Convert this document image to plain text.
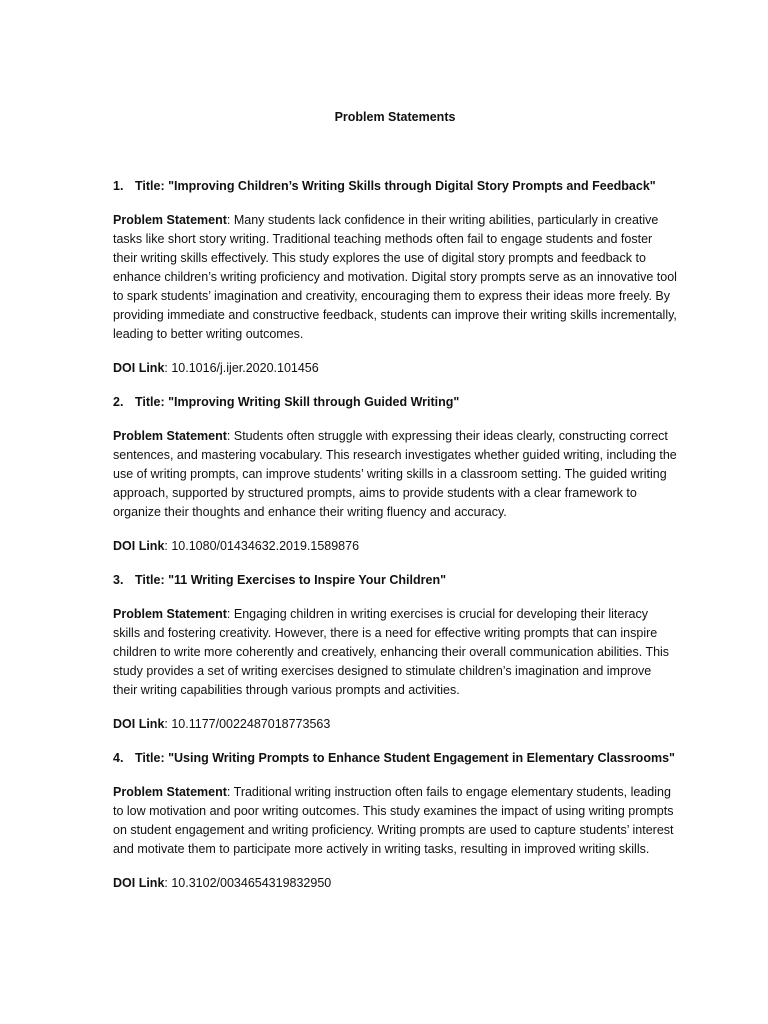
Problem Statements
1. Title: "Improving Children’s Writing Skills through Digital Story Prompts and Feedback"

Problem Statement: Many students lack confidence in their writing abilities, particularly in creative tasks like short story writing. Traditional teaching methods often fail to engage students and foster their writing skills effectively. This study explores the use of digital story prompts and feedback to enhance children’s writing proficiency and motivation. Digital story prompts serve as an innovative tool to spark students’ imagination and creativity, encouraging them to express their ideas more freely. By providing immediate and constructive feedback, students can improve their writing skills incrementally, leading to better writing outcomes.

DOI Link: 10.1016/j.ijer.2020.101456

2. Title: "Improving Writing Skill through Guided Writing"

Problem Statement: Students often struggle with expressing their ideas clearly, constructing correct sentences, and mastering vocabulary. This research investigates whether guided writing, including the use of writing prompts, can improve students’ writing skills in a classroom setting. The guided writing approach, supported by structured prompts, aims to provide students with a clear framework to organize their thoughts and enhance their writing fluency and accuracy.

DOI Link: 10.1080/01434632.2019.1589876

3. Title: "11 Writing Exercises to Inspire Your Children"

Problem Statement: Engaging children in writing exercises is crucial for developing their literacy skills and fostering creativity. However, there is a need for effective writing prompts that can inspire children to write more coherently and creatively, enhancing their overall communication abilities. This study provides a set of writing exercises designed to stimulate children’s imagination and improve their writing capabilities through various prompts and activities.

DOI Link: 10.1177/0022487018773563

4. Title: "Using Writing Prompts to Enhance Student Engagement in Elementary Classrooms"

Problem Statement: Traditional writing instruction often fails to engage elementary students, leading to low motivation and poor writing outcomes. This study examines the impact of using writing prompts on student engagement and writing proficiency. Writing prompts are used to capture students’ interest and motivate them to participate more actively in writing tasks, resulting in improved writing skills.

DOI Link: 10.3102/0034654319832950
